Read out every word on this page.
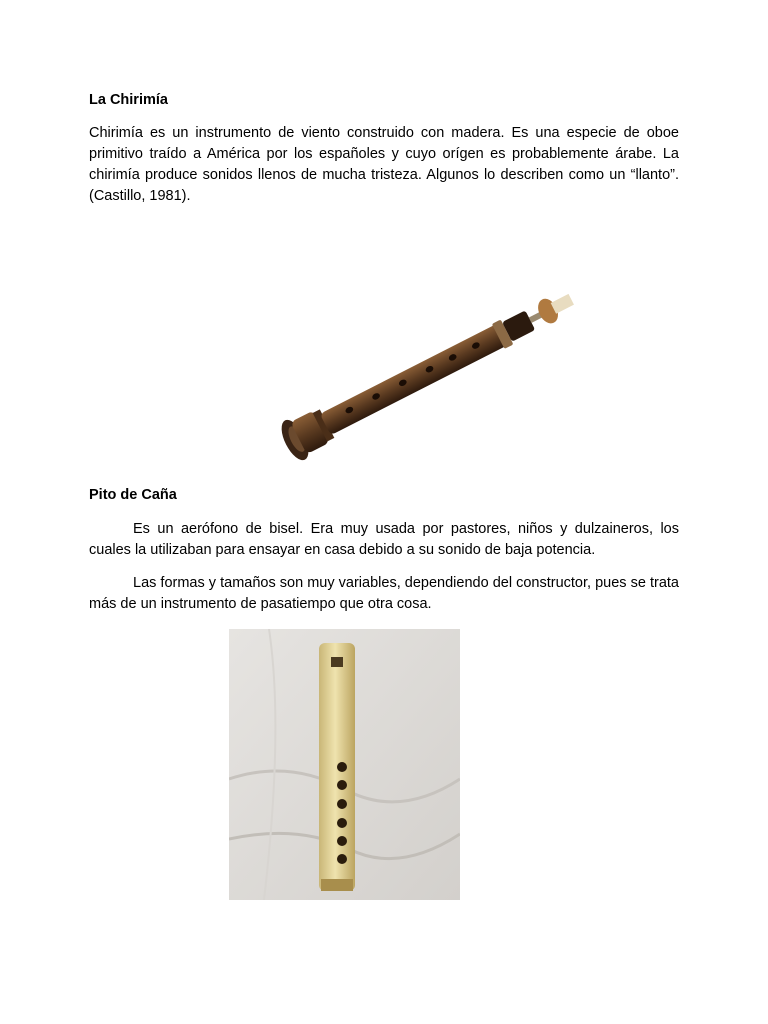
La Chirimía

Chirimía es un instrumento de viento construido con madera. Es una especie de oboe primitivo traído a América por los españoles y cuyo orígen es probablemente árabe. La chirimía produce sonidos llenos de mucha tristeza. Algunos lo describen como un “llanto”. (Castillo, 1981).

Pito de Caña

Es un aerófono de bisel. Era muy usada por pastores, niños y dulzaineros, los cuales la utilizaban para ensayar en casa debido a su sonido de baja potencia.

Las formas y tamaños son muy variables, dependiendo del constructor, pues se trata más de un instrumento de pasatiempo que otra cosa.
